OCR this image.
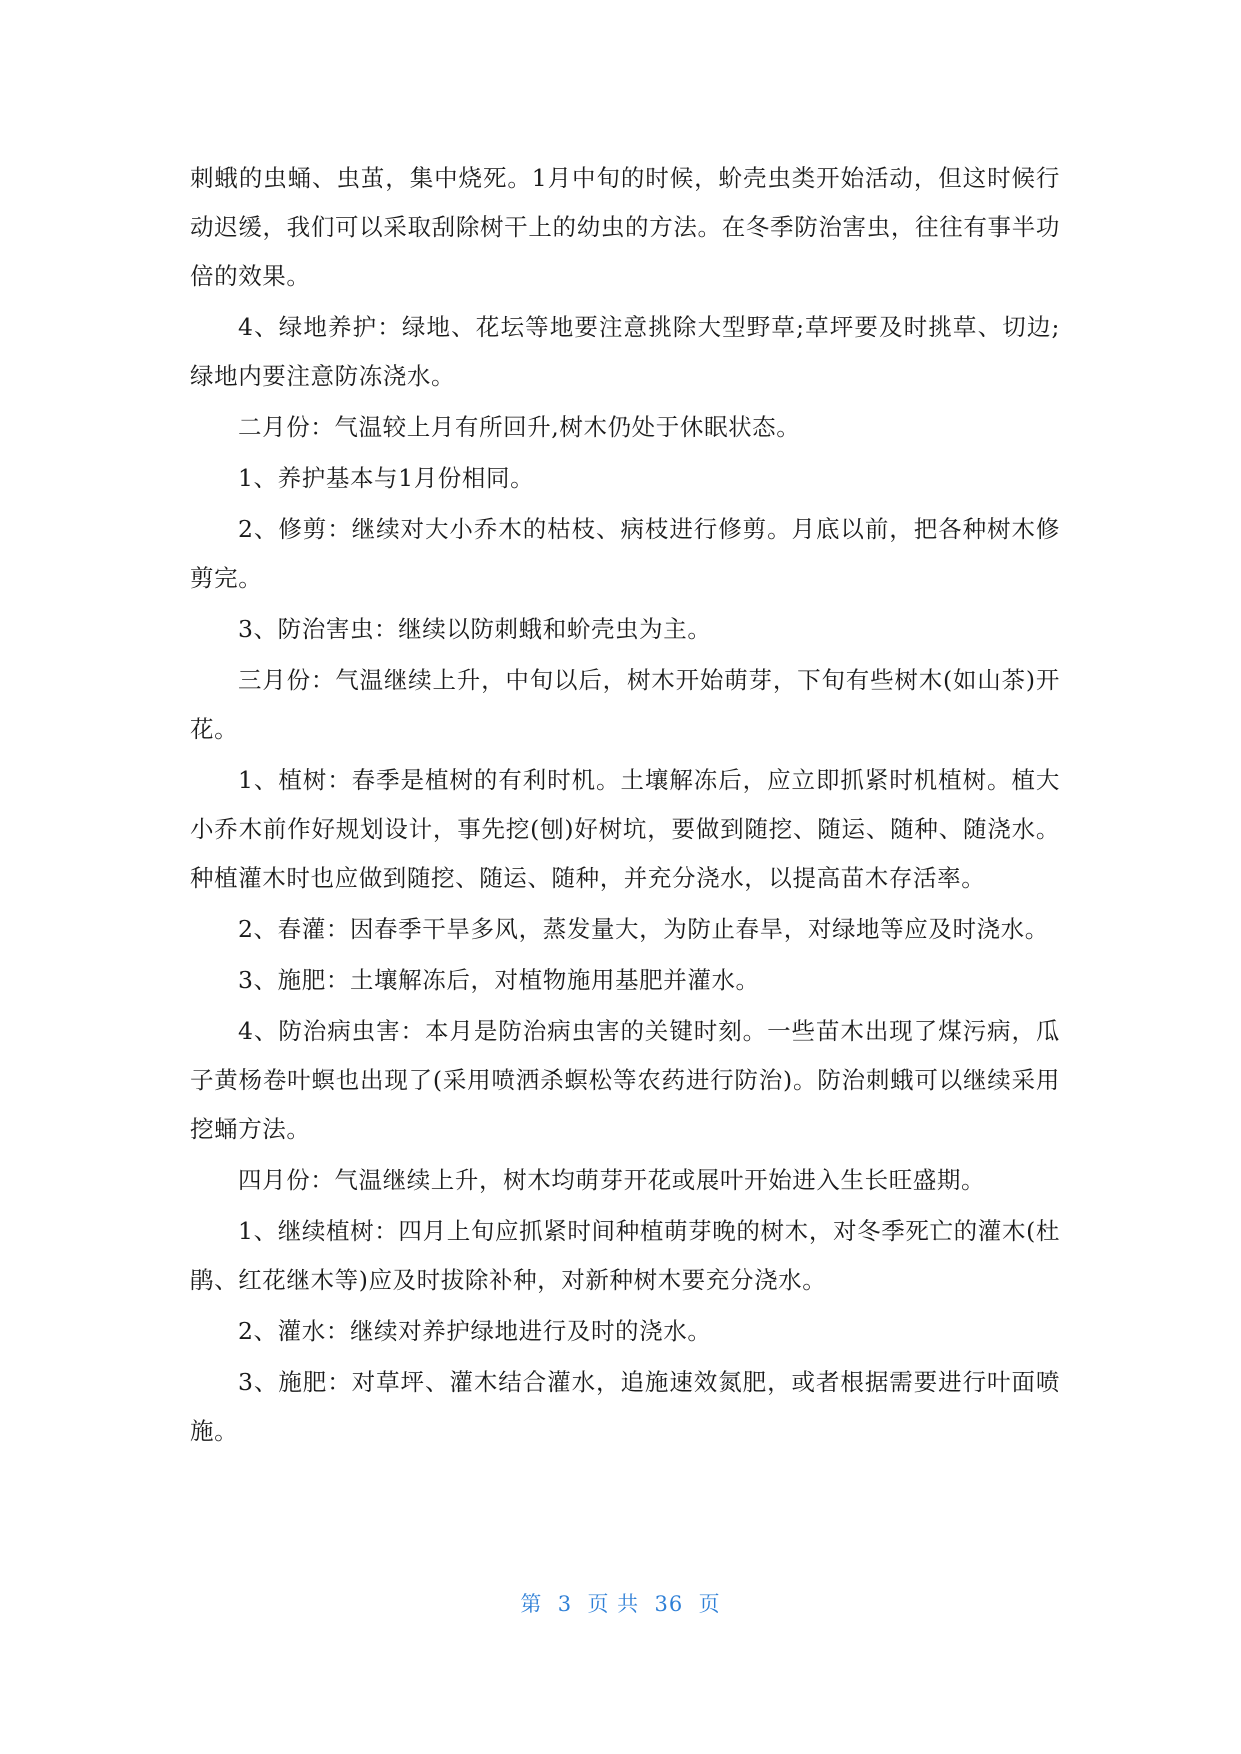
刺蛾的虫蛹、虫茧，集中烧死。1月中旬的时候，蚧壳虫类开始活动，但这时候行动迟缓，我们可以采取刮除树干上的幼虫的方法。在冬季防治害虫，往往有事半功倍的效果。

4、绿地养护：绿地、花坛等地要注意挑除大型野草;草坪要及时挑草、切边;绿地内要注意防冻浇水。

二月份：气温较上月有所回升,树木仍处于休眠状态。

1、养护基本与1月份相同。

2、修剪：继续对大小乔木的枯枝、病枝进行修剪。月底以前，把各种树木修剪完。

3、防治害虫：继续以防刺蛾和蚧壳虫为主。

三月份：气温继续上升，中旬以后，树木开始萌芽，下旬有些树木(如山茶)开花。

1、植树：春季是植树的有利时机。土壤解冻后，应立即抓紧时机植树。植大小乔木前作好规划设计，事先挖(刨)好树坑，要做到随挖、随运、随种、随浇水。种植灌木时也应做到随挖、随运、随种，并充分浇水，以提高苗木存活率。

2、春灌：因春季干旱多风，蒸发量大，为防止春旱，对绿地等应及时浇水。

3、施肥：土壤解冻后，对植物施用基肥并灌水。

4、防治病虫害：本月是防治病虫害的关键时刻。一些苗木出现了煤污病，瓜子黄杨卷叶螟也出现了(采用喷洒杀螟松等农药进行防治)。防治刺蛾可以继续采用挖蛹方法。

四月份：气温继续上升，树木均萌芽开花或展叶开始进入生长旺盛期。

1、继续植树：四月上旬应抓紧时间种植萌芽晚的树木，对冬季死亡的灌木(杜鹃、红花继木等)应及时拔除补种，对新种树木要充分浇水。

2、灌水：继续对养护绿地进行及时的浇水。

3、施肥：对草坪、灌木结合灌水，追施速效氮肥，或者根据需要进行叶面喷施。

第  3  页 共  36  页
